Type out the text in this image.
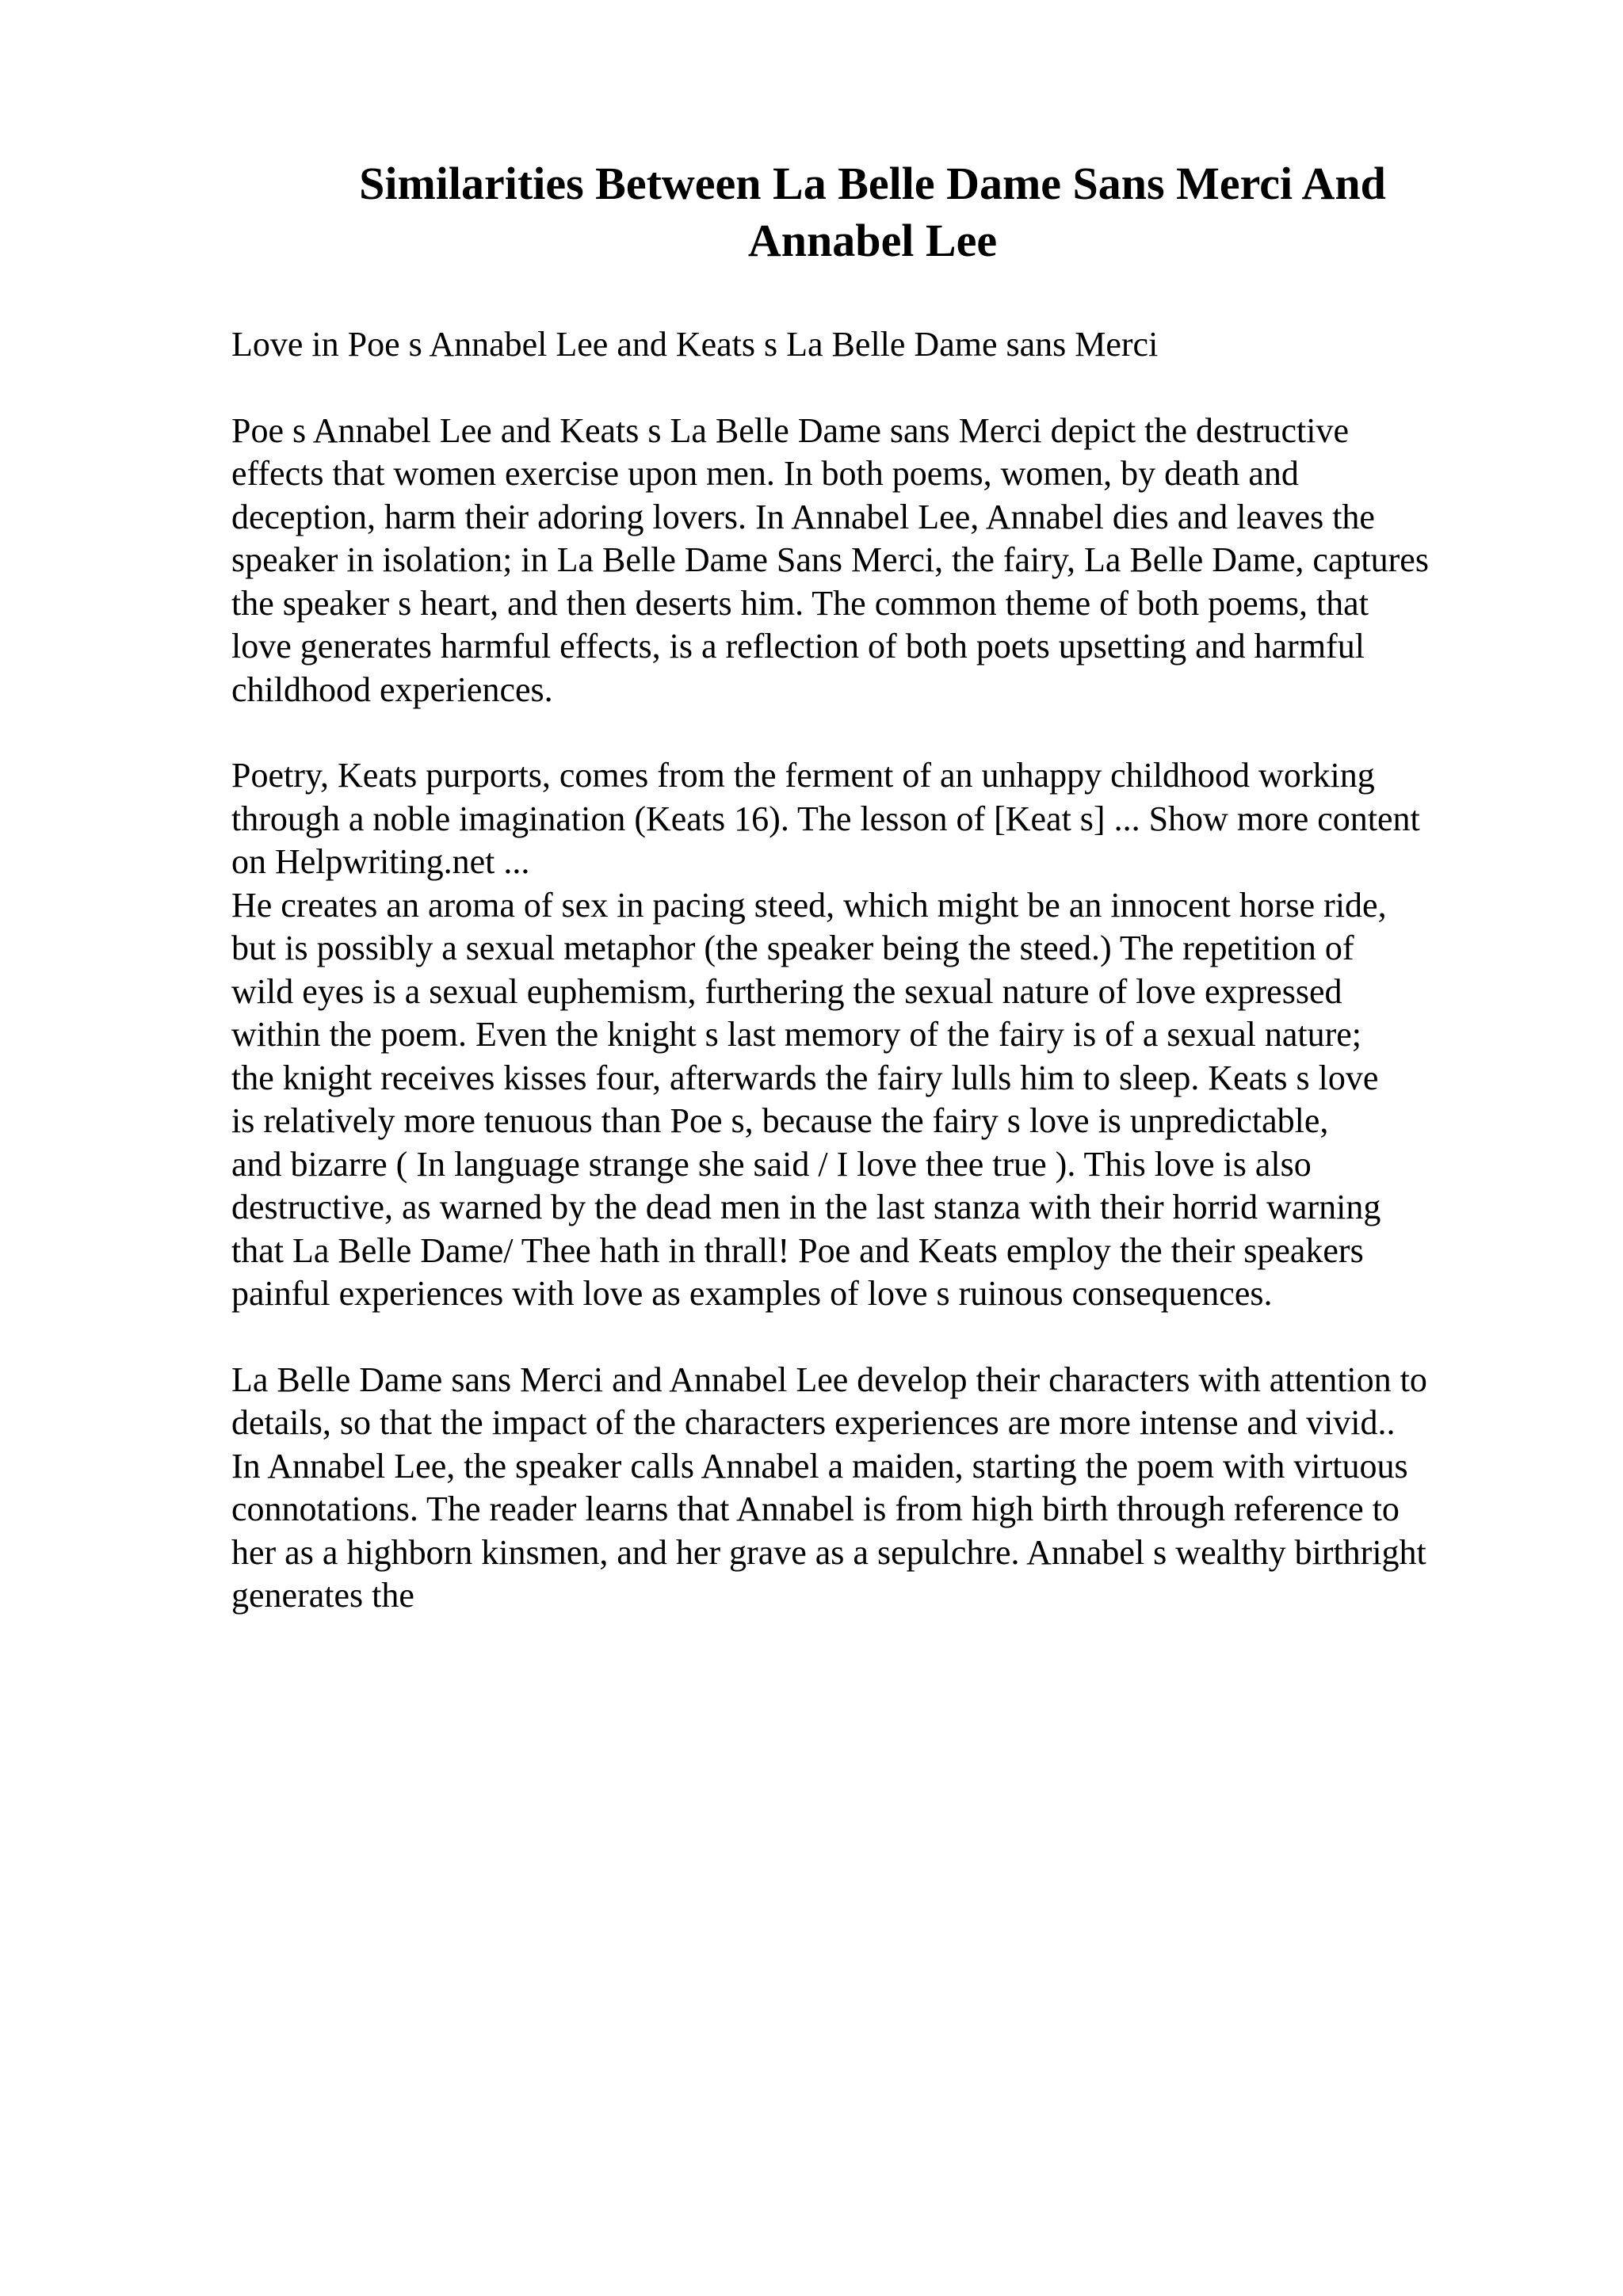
Similarities Between La Belle Dame Sans Merci And
Annabel Lee

Love in Poe s Annabel Lee and Keats s La Belle Dame sans Merci

Poe s Annabel Lee and Keats s La Belle Dame sans Merci depict the destructive
effects that women exercise upon men. In both poems, women, by death and
deception, harm their adoring lovers. In Annabel Lee, Annabel dies and leaves the
speaker in isolation; in La Belle Dame Sans Merci, the fairy, La Belle Dame, captures
the speaker s heart, and then deserts him. The common theme of both poems, that
love generates harmful effects, is a reflection of both poets upsetting and harmful
childhood experiences.

Poetry, Keats purports, comes from the ferment of an unhappy childhood working
through a noble imagination (Keats 16). The lesson of [Keat s] ... Show more content
on Helpwriting.net ...

He creates an aroma of sex in pacing steed, which might be an innocent horse ride,
but is possibly a sexual metaphor (the speaker being the steed.) The repetition of
wild eyes is a sexual euphemism, furthering the sexual nature of love expressed
within the poem. Even the knight s last memory of the fairy is of a sexual nature;
the knight receives kisses four, afterwards the fairy lulls him to sleep. Keats s love
is relatively more tenuous than Poe s, because the fairy s love is unpredictable,
and bizarre ( In language strange she said / I love thee true ). This love is also
destructive, as warned by the dead men in the last stanza with their horrid warning
that La Belle Dame/ Thee hath in thrall! Poe and Keats employ the their speakers
painful experiences with love as examples of love s ruinous consequences.

La Belle Dame sans Merci and Annabel Lee develop their characters with attention to
details, so that the impact of the characters experiences are more intense and vivid..
In Annabel Lee, the speaker calls Annabel a maiden, starting the poem with virtuous
connotations. The reader learns that Annabel is from high birth through reference to
her as a highborn kinsmen, and her grave as a sepulchre. Annabel s wealthy birthright
generates the
